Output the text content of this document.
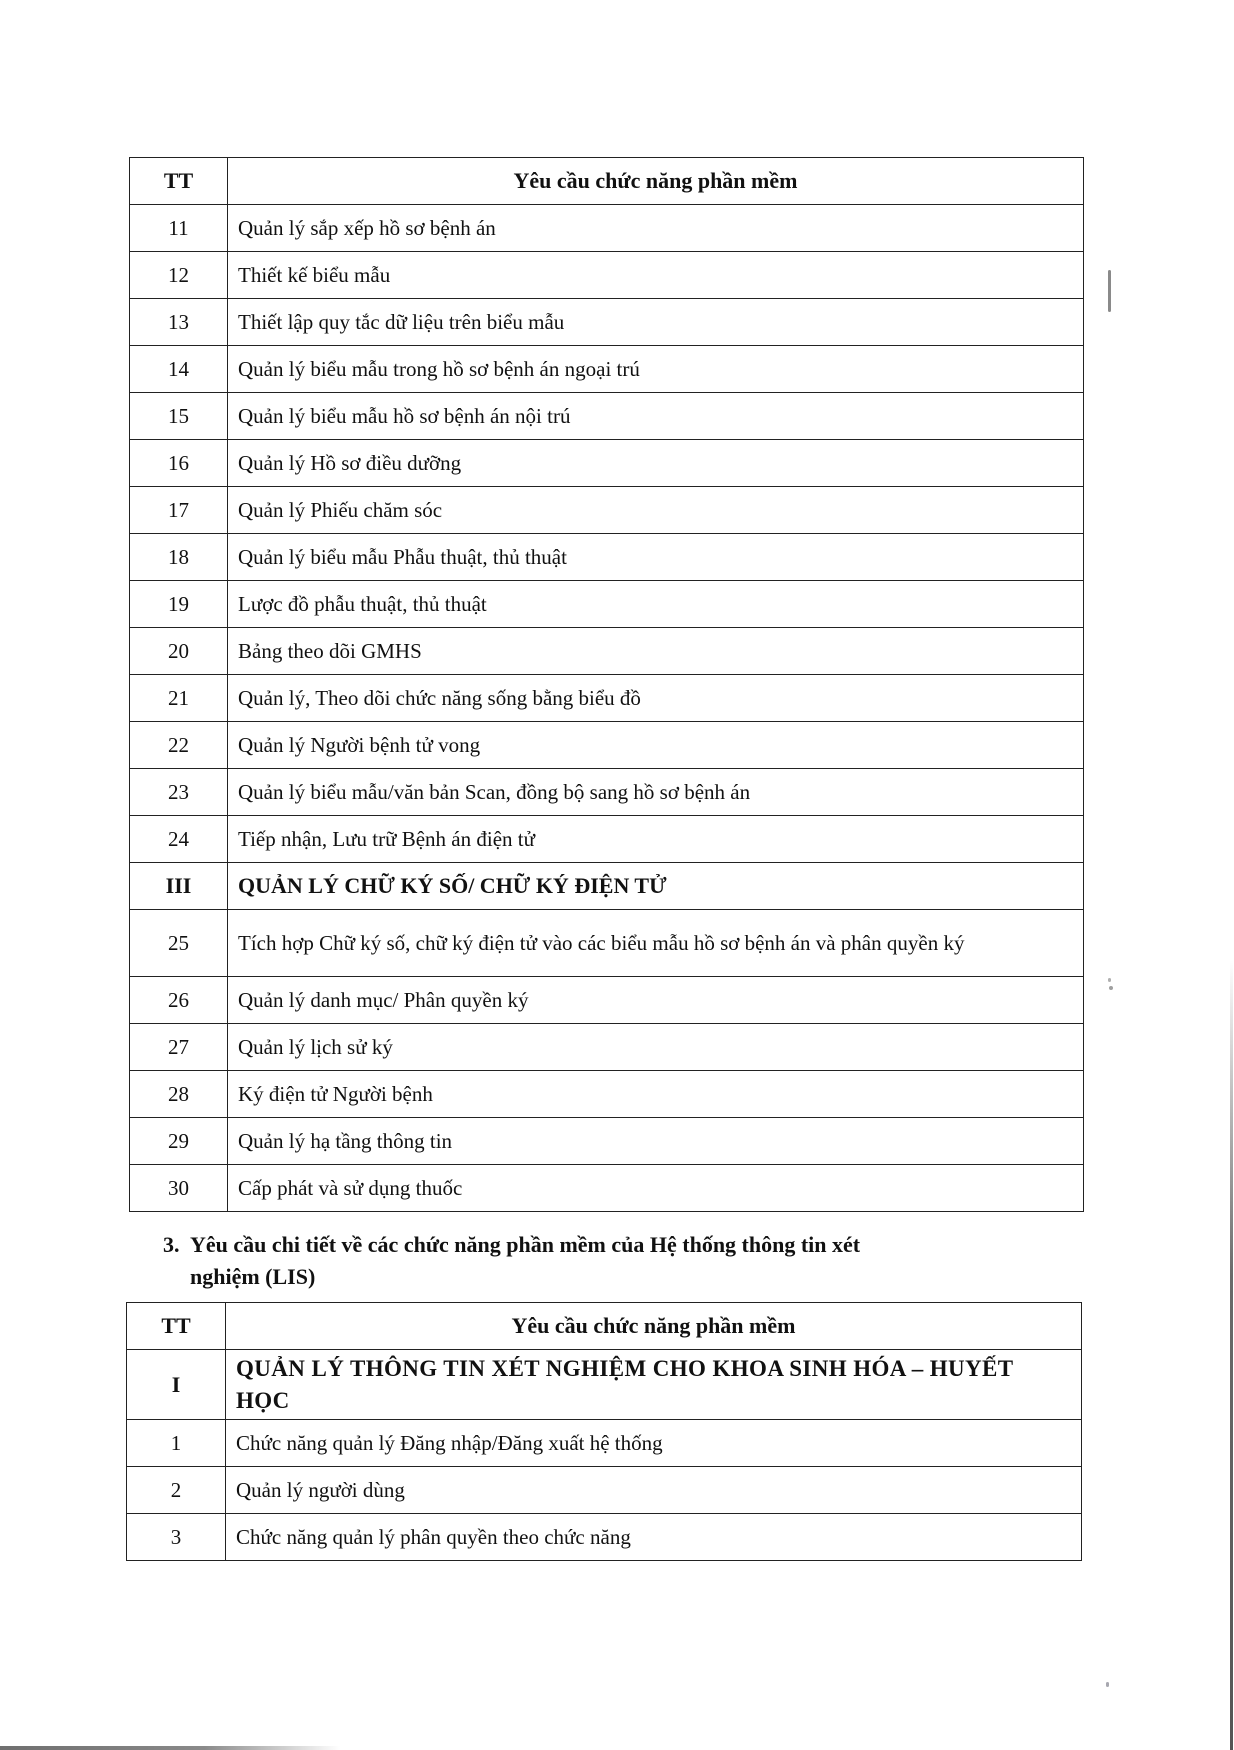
TT	Yêu cầu chức năng phần mềm
11	Quản lý sắp xếp hồ sơ bệnh án
12	Thiết kế biểu mẫu
13	Thiết lập quy tắc dữ liệu trên biểu mẫu
14	Quản lý biểu mẫu trong hồ sơ bệnh án ngoại trú
15	Quản lý biểu mẫu hồ sơ bệnh án nội trú
16	Quản lý Hồ sơ điều dưỡng
17	Quản lý Phiếu chăm sóc
18	Quản lý biểu mẫu Phẫu thuật, thủ thuật
19	Lược đồ phẫu thuật, thủ thuật
20	Bảng theo dõi GMHS
21	Quản lý, Theo dõi chức năng sống bằng biểu đồ
22	Quản lý Người bệnh tử vong
23	Quản lý biểu mẫu/văn bản Scan, đồng bộ sang hồ sơ bệnh án
24	Tiếp nhận, Lưu trữ Bệnh án điện tử
III	QUẢN LÝ CHỮ KÝ SỐ/ CHỮ KÝ ĐIỆN TỬ
25	Tích hợp Chữ ký số, chữ ký điện tử vào các biểu mẫu hồ sơ bệnh án và phân quyền ký
26	Quản lý danh mục/ Phân quyền ký
27	Quản lý lịch sử ký
28	Ký điện tử Người bệnh
29	Quản lý hạ tầng thông tin
30	Cấp phát và sử dụng thuốc
3. Yêu cầu chi tiết về các chức năng phần mềm của Hệ thống thông tin xét
nghiệm (LIS)
TT	Yêu cầu chức năng phần mềm
I	QUẢN LÝ THÔNG TIN XÉT NGHIỆM CHO KHOA SINH HÓA – HUYẾT HỌC
1	Chức năng quản lý Đăng nhập/Đăng xuất hệ thống
2	Quản lý người dùng
3	Chức năng quản lý phân quyền theo chức năng
